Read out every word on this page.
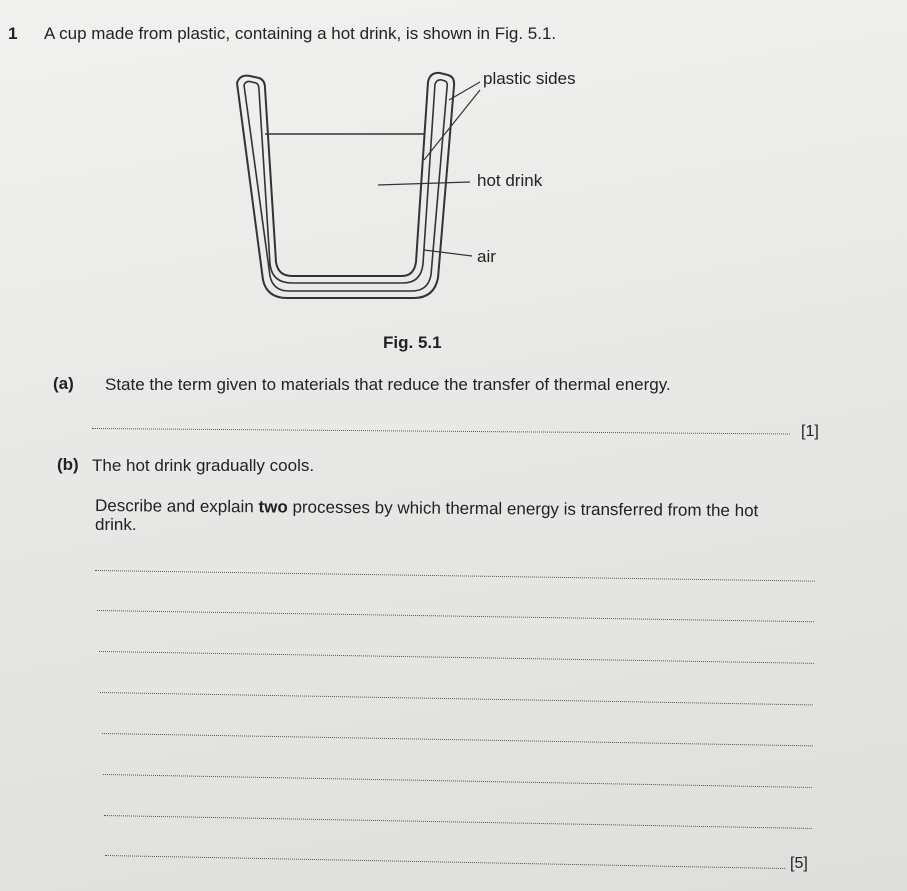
1 A cup made from plastic, containing a hot drink, is shown in Fig. 5.1.
plastic sides
hot drink
air
Fig. 5.1
(a) State the term given to materials that reduce the transfer of thermal energy.
[1]
(b) The hot drink gradually cools.
Describe and explain two processes by which thermal energy is transferred from the hot
drink.
[5]
